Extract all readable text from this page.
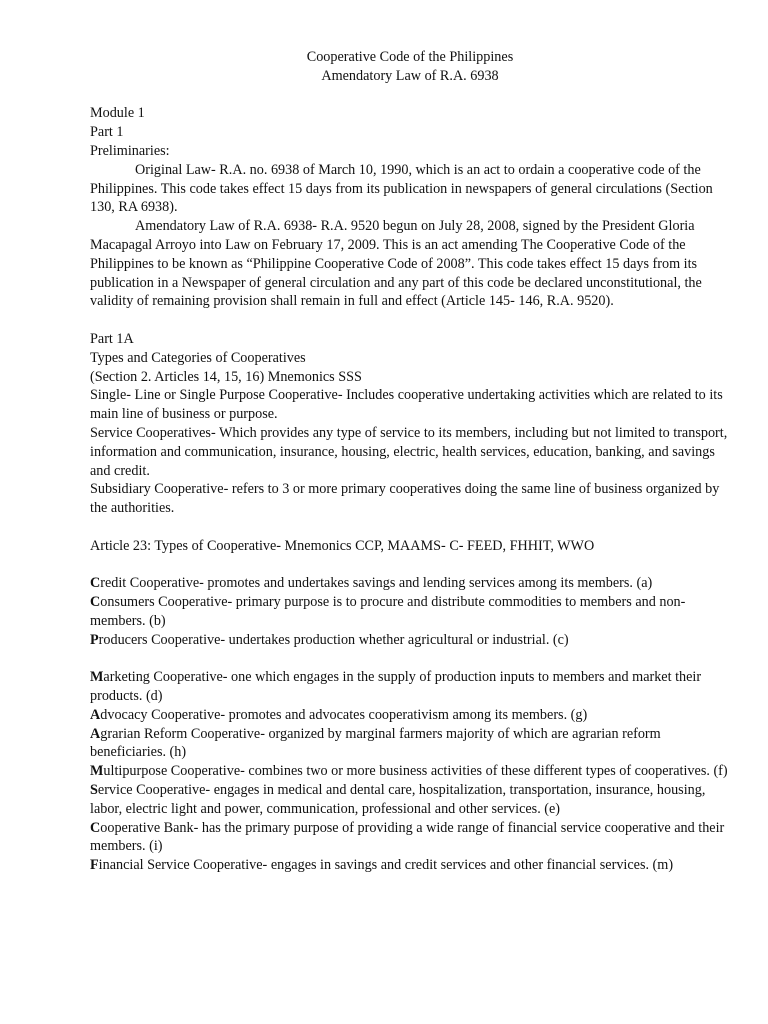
Cooperative Code of the Philippines

Amendatory Law of R.A. 6938

Module 1

Part 1

Preliminaries:

Original Law- R.A. no. 6938 of March 10, 1990, which is an act to ordain a cooperative code of the Philippines. This code takes effect 15 days from its publication in newspapers of general circulations (Section 130, RA 6938).

Amendatory Law of R.A. 6938- R.A. 9520 begun on July 28, 2008, signed by the President Gloria Macapagal Arroyo into Law on February 17, 2009. This is an act amending The Cooperative Code of the Philippines to be known as “Philippine Cooperative Code of 2008”. This code takes effect 15 days from its publication in a Newspaper of general circulation and any part of this code be declared unconstitutional, the validity of remaining provision shall remain in full and effect (Article 145- 146, R.A. 9520).

Part 1A

Types and Categories of Cooperatives

(Section 2. Articles 14, 15, 16) Mnemonics SSS

Single- Line or Single Purpose Cooperative- Includes cooperative undertaking activities which are related to its main line of business or purpose.

Service Cooperatives- Which provides any type of service to its members, including but not limited to transport, information and communication, insurance, housing, electric, health services, education, banking, and savings and credit.

Subsidiary Cooperative- refers to 3 or more primary cooperatives doing the same line of business organized by the authorities.

Article 23: Types of Cooperative- Mnemonics CCP, MAAMS- C- FEED, FHHIT, WWO

Credit Cooperative- promotes and undertakes savings and lending services among its members. (a)

Consumers Cooperative- primary purpose is to procure and distribute commodities to members and non-members. (b)

Producers Cooperative- undertakes production whether agricultural or industrial. (c)

Marketing Cooperative- one which engages in the supply of production inputs to members and market their products. (d)

Advocacy Cooperative- promotes and advocates cooperativism among its members. (g)

Agrarian Reform Cooperative- organized by marginal farmers majority of which are agrarian reform beneficiaries. (h)

Multipurpose Cooperative- combines two or more business activities of these different types of cooperatives. (f)

Service Cooperative- engages in medical and dental care, hospitalization, transportation, insurance, housing, labor, electric light and power, communication, professional and other services. (e)

Cooperative Bank- has the primary purpose of providing a wide range of financial service cooperative and their members. (i)

Financial Service Cooperative- engages in savings and credit services and other financial services. (m)
